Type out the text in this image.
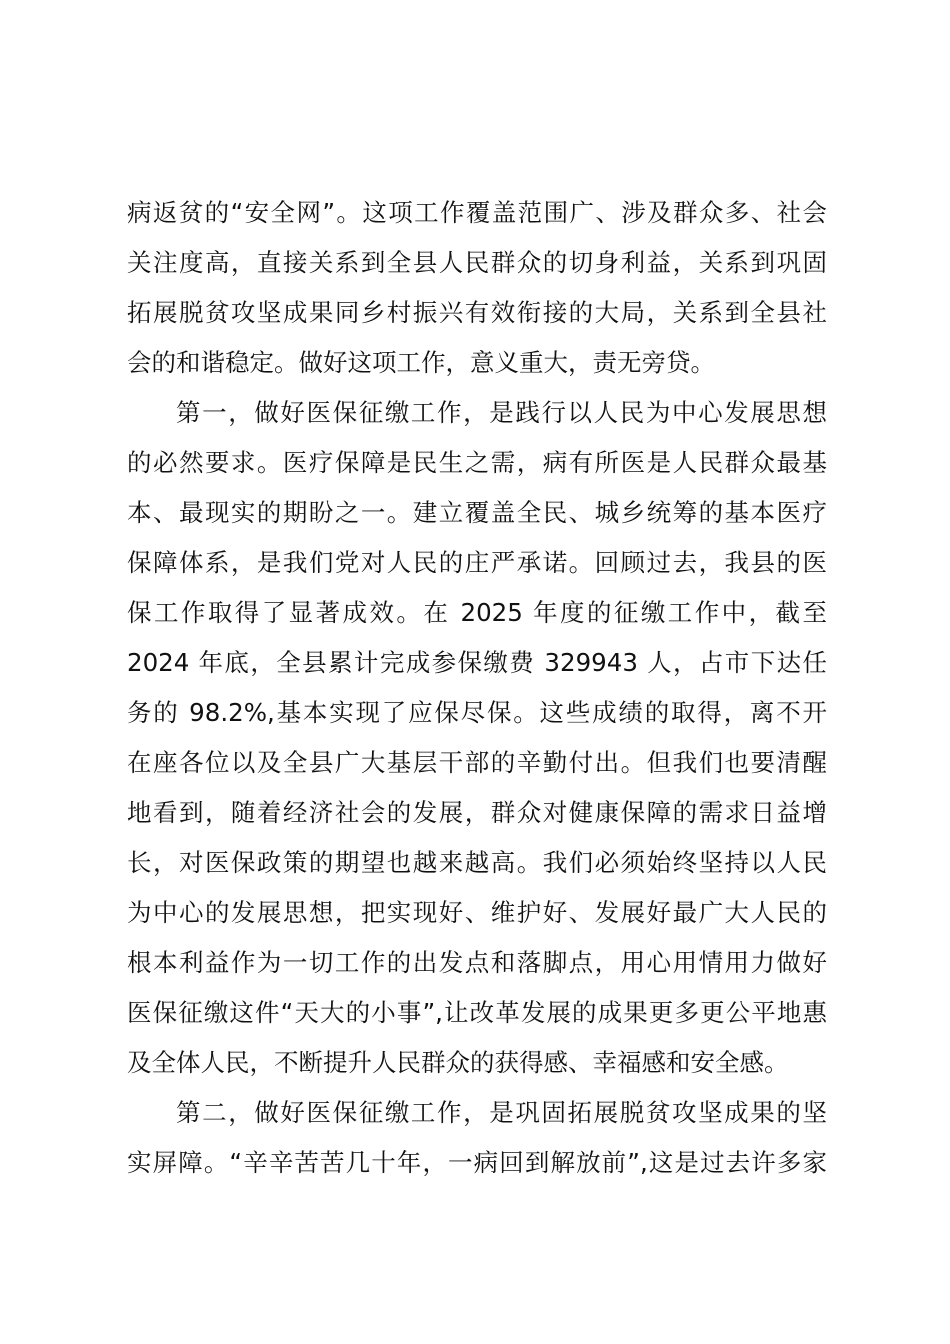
病返贫的“安全网”。这项工作覆盖范围广、涉及群众多、社会
关注度高，直接关系到全县人民群众的切身利益，关系到巩固
拓展脱贫攻坚成果同乡村振兴有效衔接的大局，关系到全县社
会的和谐稳定。做好这项工作，意义重大，责无旁贷。
第一，做好医保征缴工作，是践行以人民为中心发展思想
的必然要求。医疗保障是民生之需，病有所医是人民群众最基
本、最现实的期盼之一。建立覆盖全民、城乡统筹的基本医疗
保障体系，是我们党对人民的庄严承诺。回顾过去，我县的医
保工作取得了显著成效。在 2025 年度的征缴工作中，截至
2024 年底，全县累计完成参保缴费 329943 人，占市下达任
务的 98.2%,基本实现了应保尽保。这些成绩的取得，离不开
在座各位以及全县广大基层干部的辛勤付出。但我们也要清醒
地看到，随着经济社会的发展，群众对健康保障的需求日益增
长，对医保政策的期望也越来越高。我们必须始终坚持以人民
为中心的发展思想，把实现好、维护好、发展好最广大人民的
根本利益作为一切工作的出发点和落脚点，用心用情用力做好
医保征缴这件“天大的小事”,让改革发展的成果更多更公平地惠
及全体人民，不断提升人民群众的获得感、幸福感和安全感。
第二，做好医保征缴工作，是巩固拓展脱贫攻坚成果的坚
实屏障。“辛辛苦苦几十年，一病回到解放前”,这是过去许多家
